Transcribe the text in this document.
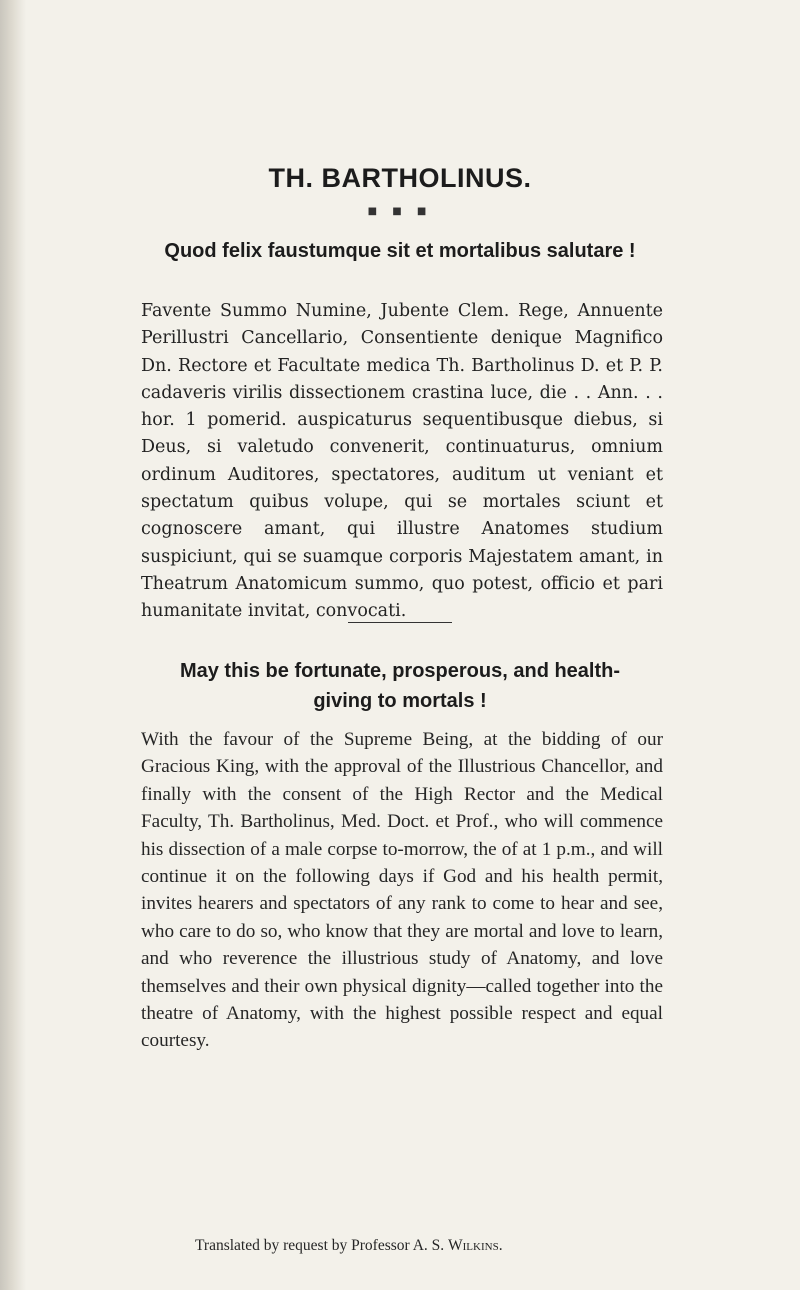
TH. BARTHOLINUS.
■ ■ ■
Quod felix faustumque sit et mortalibus salutare !
Favente Summo Numine, Jubente Clem. Rege, Annuente Perillustri Cancellario, Consentiente denique Magnifico Dn. Rectore et Facultate medica Th. Bartholinus D. et P. P. cadaveris virilis dissectionem crastina luce, die . . Ann. . . hor. 1 pomerid. auspicaturus sequentibusque diebus, si Deus, si valetudo convenerit, continuaturus, omnium ordinum Auditores, spectatores, auditum ut veniant et spectatum quibus volupe, qui se mortales sciunt et cognoscere amant, qui illustre Anatomes studium suspiciunt, qui se suamque corporis Majestatem amant, in Theatrum Anatomicum summo, quo potest, officio et pari humanitate invitat, convocati.
May this be fortunate, prosperous, and health-giving to mortals !
With the favour of the Supreme Being, at the bidding of our Gracious King, with the approval of the Illustrious Chancellor, and finally with the consent of the High Rector and the Medical Faculty, Th. Bartholinus, Med. Doct. et Prof., who will commence his dissection of a male corpse to-morrow, the of at 1 p.m., and will continue it on the following days if God and his health permit, invites hearers and spectators of any rank to come to hear and see, who care to do so, who know that they are mortal and love to learn, and who reverence the illustrious study of Anatomy, and love themselves and their own physical dignity—called together into the theatre of Anatomy, with the highest possible respect and equal courtesy.
Translated by request by Professor A. S. Wilkins.
